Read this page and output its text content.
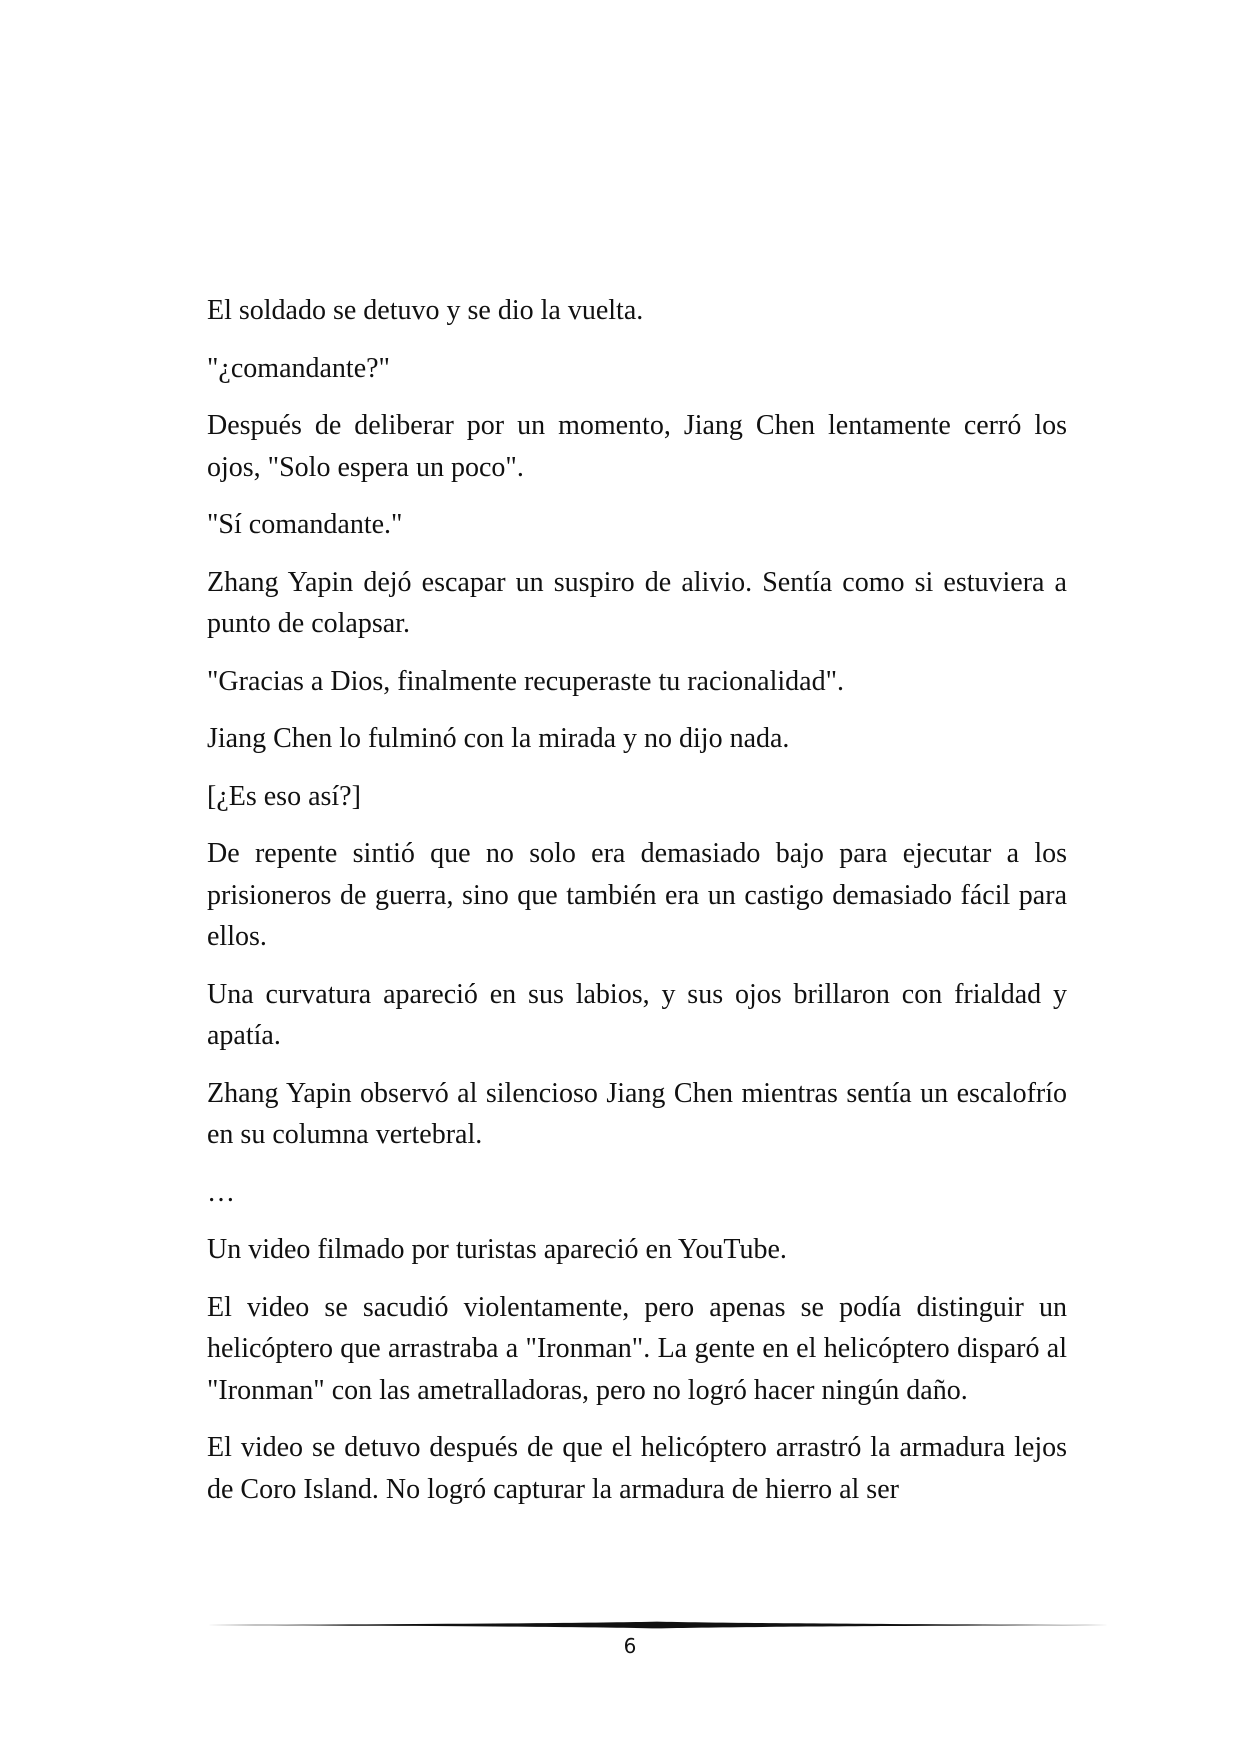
El soldado se detuvo y se dio la vuelta.

"¿comandante?"

Después de deliberar por un momento, Jiang Chen lentamente cerró los ojos, "Solo espera un poco".

"Sí comandante."

Zhang Yapin dejó escapar un suspiro de alivio. Sentía como si estuviera a punto de colapsar.

"Gracias a Dios, finalmente recuperaste tu racionalidad".

Jiang Chen lo fulminó con la mirada y no dijo nada.

[¿Es eso así?]

De repente sintió que no solo era demasiado bajo para ejecutar a los prisioneros de guerra, sino que también era un castigo demasiado fácil para ellos.

Una curvatura apareció en sus labios, y sus ojos brillaron con frialdad y apatía.

Zhang Yapin observó al silencioso Jiang Chen mientras sentía un escalofrío en su columna vertebral.

…

Un video filmado por turistas apareció en YouTube.

El video se sacudió violentamente, pero apenas se podía distinguir un helicóptero que arrastraba a "Ironman". La gente en el helicóptero disparó al "Ironman" con las ametralladoras, pero no logró hacer ningún daño.

El video se detuvo después de que el helicóptero arrastró la armadura lejos de Coro Island. No logró capturar la armadura de hierro al ser

6
